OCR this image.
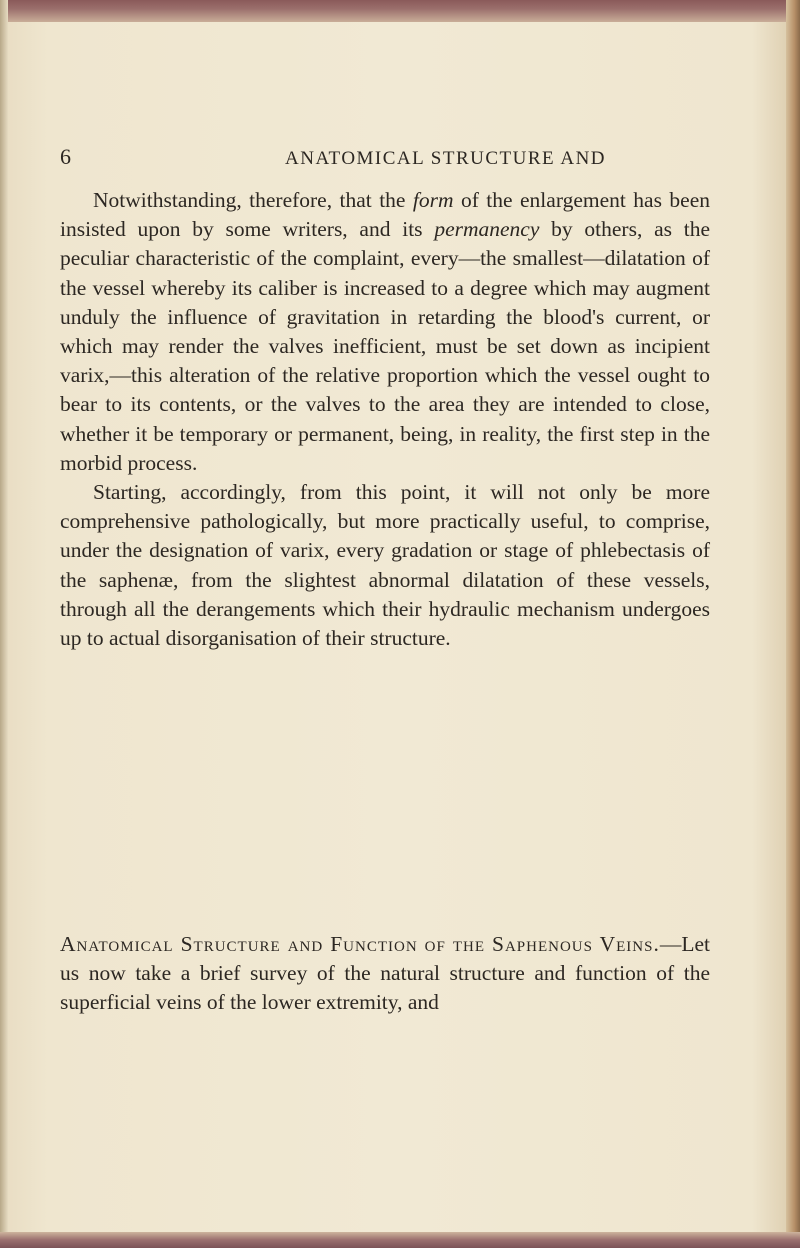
6	ANATOMICAL STRUCTURE AND

Notwithstanding, therefore, that the form of the enlargement has been insisted upon by some writers, and its permanency by others, as the peculiar characteristic of the complaint, every—the smallest—dilatation of the vessel whereby its caliber is increased to a degree which may augment unduly the influence of gravitation in retarding the blood's current, or which may render the valves inefficient, must be set down as incipient varix,—this alteration of the relative proportion which the vessel ought to bear to its contents, or the valves to the area they are intended to close, whether it be temporary or permanent, being, in reality, the first step in the morbid process.

Starting, accordingly, from this point, it will not only be more comprehensive pathologically, but more practically useful, to comprise, under the designation of varix, every gradation or stage of phlebectasis of the saphenæ, from the slightest abnormal dilatation of these vessels, through all the derangements which their hydraulic mechanism undergoes up to actual disorganisation of their structure.

Anatomical Structure and Function of the Saphenous Veins.—Let us now take a brief survey of the natural structure and function of the superficial veins of the lower extremity, and
